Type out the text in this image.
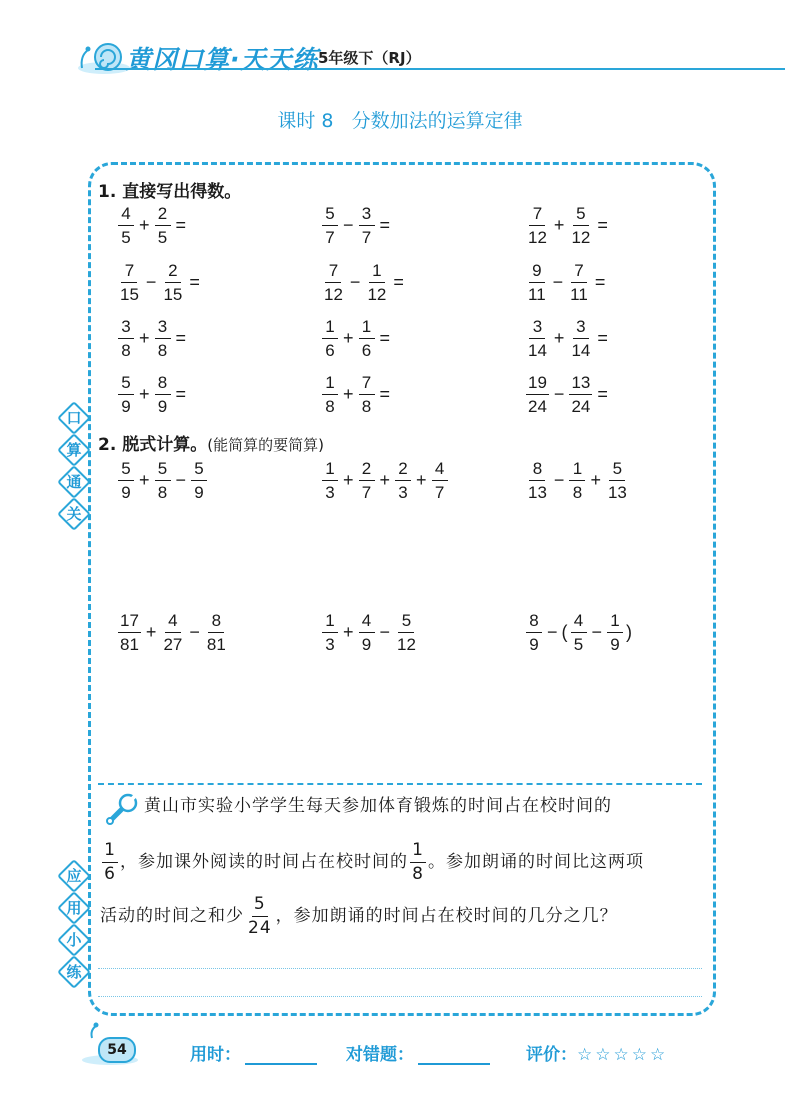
黄冈口算·天天练 5年级下（RJ）
课时 8 分数加法的运算定律
口
算
通
关
应
用
小
练
1. 直接写出得数。
$\frac{4}{5} + \frac{2}{5}$ =	$\frac{5}{7} - \frac{3}{7}$ =	$\frac{7}{12} + \frac{5}{12}$ =
$\frac{7}{15} - \frac{2}{15}$ =	$\frac{7}{12} - \frac{1}{12}$ =	$\frac{9}{11} - \frac{7}{11}$ =
$\frac{3}{8} + \frac{3}{8}$ =	$\frac{1}{6} + \frac{1}{6}$ =	$\frac{3}{14} + \frac{3}{14}$ =
$\frac{5}{9} + \frac{8}{9}$ =	$\frac{1}{8} + \frac{7}{8}$ =	$\frac{19}{24} - \frac{13}{24}$ =
2. 脱式计算。(能简算的要简算)
$\frac{5}{9} + \frac{5}{8} - \frac{5}{9}$	$\frac{1}{3} + \frac{2}{7} + \frac{2}{3} + \frac{4}{7}$	$\frac{8}{13} - \frac{1}{8} + \frac{5}{13}$
$\frac{17}{81} + \frac{4}{27} - \frac{8}{81}$	$\frac{1}{3} + \frac{4}{9} - \frac{5}{12}$	$\frac{8}{9}$ − ( $\frac{4}{5} - \frac{1}{9}$ )
黄山市实验小学学生每天参加体育锻炼的时间占在校时间的
$\frac{1}{6}$ ，参加课外阅读的时间占在校时间的 $\frac{1}{8}$ 。参加朗诵的时间比这两项
活动的时间之和少 $\frac{5}{24}$ ，参加朗诵的时间占在校时间的几分之几？
54	用时：	对错题：	评价：☆☆☆☆☆
